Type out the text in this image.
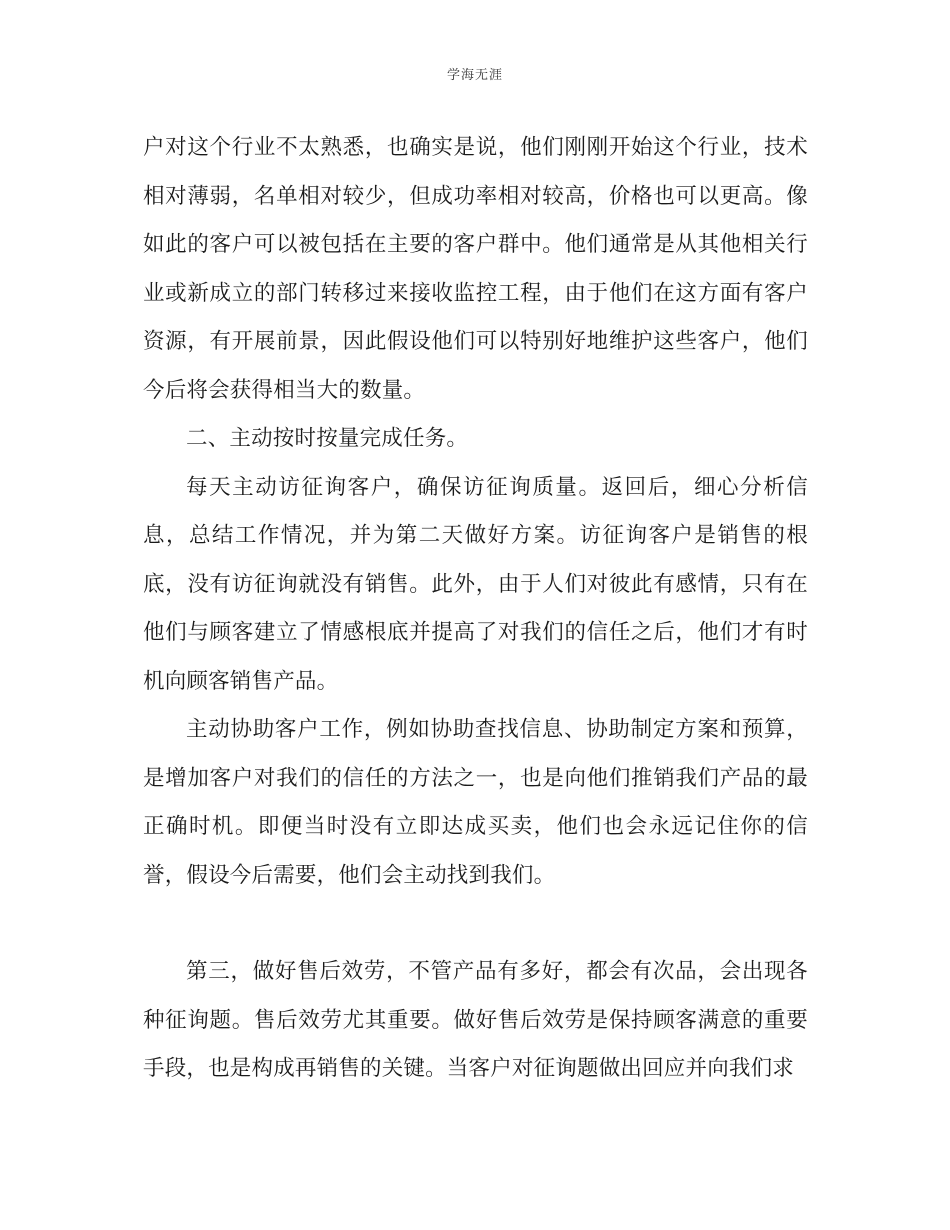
学海无涯

户对这个行业不太熟悉，也确实是说，他们刚刚开始这个行业，技术相对薄弱，名单相对较少，但成功率相对较高，价格也可以更高。像如此的客户可以被包括在主要的客户群中。他们通常是从其他相关行业或新成立的部门转移过来接收监控工程，由于他们在这方面有客户资源，有开展前景，因此假设他们可以特别好地维护这些客户，他们今后将会获得相当大的数量。

二、主动按时按量完成任务。

每天主动访征询客户，确保访征询质量。返回后，细心分析信息，总结工作情况，并为第二天做好方案。访征询客户是销售的根底，没有访征询就没有销售。此外，由于人们对彼此有感情，只有在他们与顾客建立了情感根底并提高了对我们的信任之后，他们才有时机向顾客销售产品。

主动协助客户工作，例如协助查找信息、协助制定方案和预算，是增加客户对我们的信任的方法之一，也是向他们推销我们产品的最正确时机。即便当时没有立即达成买卖，他们也会永远记住你的信誉，假设今后需要，他们会主动找到我们。

第三，做好售后效劳，不管产品有多好，都会有次品，会出现各种征询题。售后效劳尤其重要。做好售后效劳是保持顾客满意的重要手段，也是构成再销售的关键。当客户对征询题做出回应并向我们求
